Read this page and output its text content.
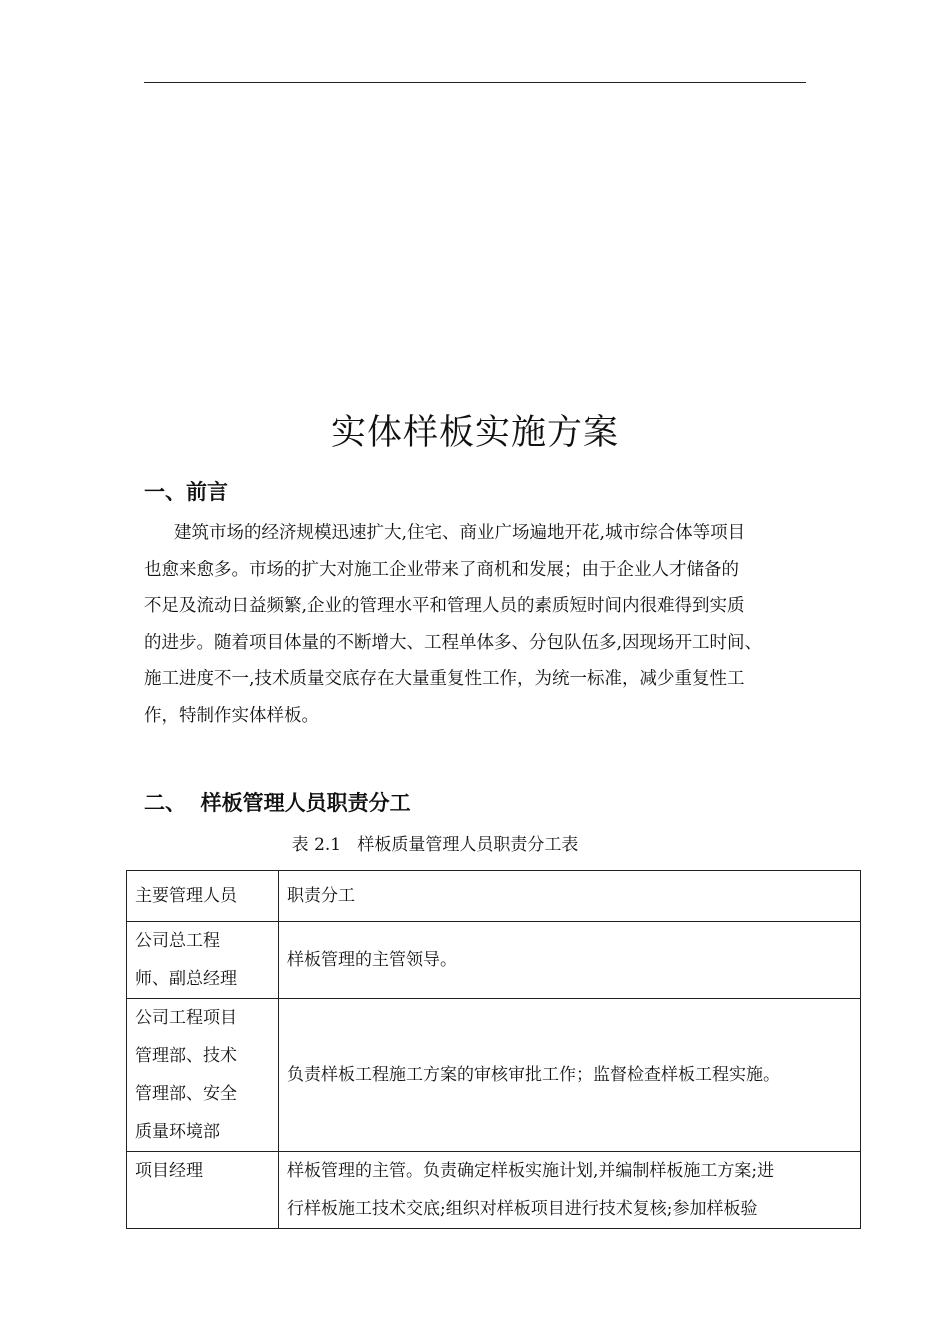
实体样板实施方案
一、前言
建筑市场的经济规模迅速扩大,住宅、商业广场遍地开花,城市综合体等项目
也愈来愈多。市场的扩大对施工企业带来了商机和发展；由于企业人才储备的
不足及流动日益频繁,企业的管理水平和管理人员的素质短时间内很难得到实质
的进步。随着项目体量的不断增大、工程单体多、分包队伍多,因现场开工时间、
施工进度不一,技术质量交底存在大量重复性工作，为统一标准，减少重复性工
作，特制作实体样板。
二、  样板管理人员职责分工

表 2.1   样板质量管理人员职责分工表

主要管理人员	职责分工

公司总工程
师、副总经理	样板管理的主管领导。

公司工程项目
管理部、技术
管理部、安全
质量环境部	负责样板工程施工方案的审核审批工作；监督检查样板工程实施。

项目经理	样板管理的主管。负责确定样板实施计划,并编制样板施工方案;进
行样板施工技术交底;组织对样板项目进行技术复核;参加样板验
